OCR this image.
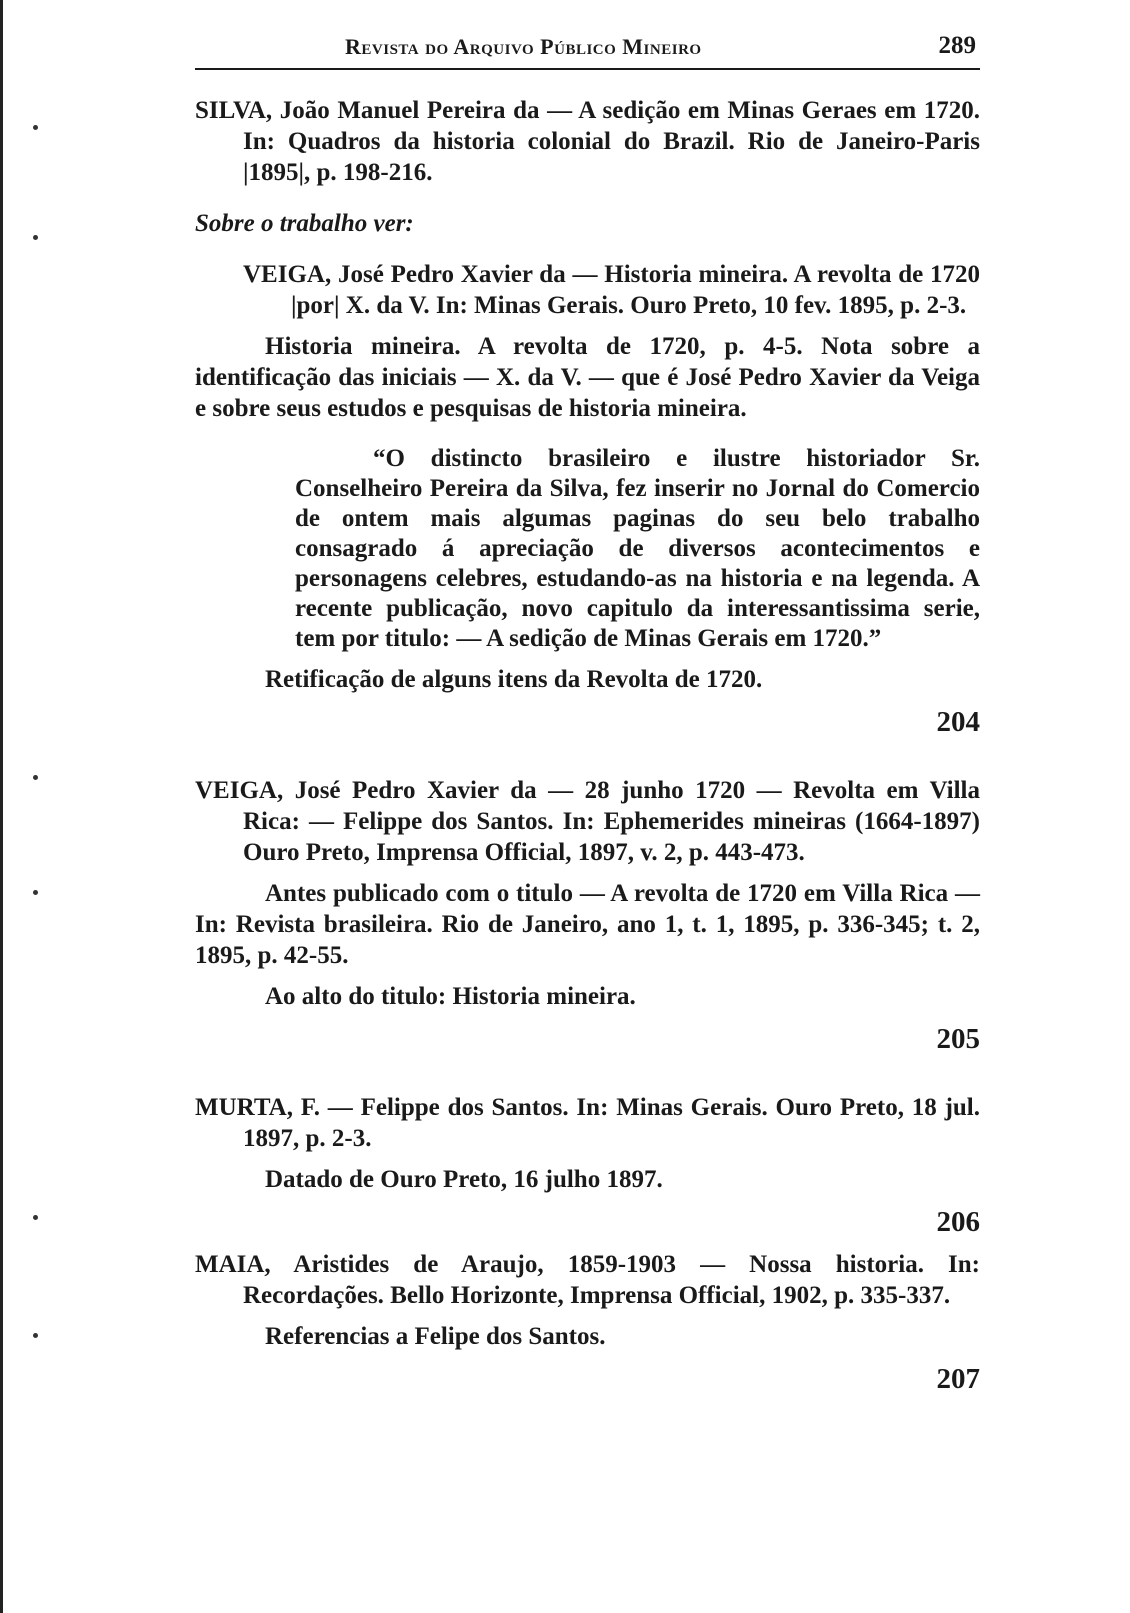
Revista do Arquivo Público Mineiro	289

SILVA, João Manuel Pereira da — A sedição em Minas Geraes em 1720. In: Quadros da historia colonial do Brazil. Rio de Janeiro-Paris |1895|, p. 198-216.

Sobre o trabalho ver:

VEIGA, José Pedro Xavier da — Historia mineira. A revolta de 1720 |por| X. da V. In: Minas Gerais. Ouro Preto, 10 fev. 1895, p. 2-3.

Historia mineira. A revolta de 1720, p. 4-5. Nota sobre a identificação das iniciais — X. da V. — que é José Pedro Xavier da Veiga e sobre seus estudos e pesquisas de historia mineira.

“O distincto brasileiro e ilustre historiador Sr. Conselheiro Pereira da Silva, fez inserir no Jornal do Comercio de ontem mais algumas paginas do seu belo trabalho consagrado á apreciação de diversos acontecimentos e personagens celebres, estudando-as na historia e na legenda. A recente publicação, novo capitulo da interessantissima serie, tem por titulo: — A sedição de Minas Gerais em 1720.”

Retificação de alguns itens da Revolta de 1720.

204

VEIGA, José Pedro Xavier da — 28 junho 1720 — Revolta em Villa Rica: — Felippe dos Santos. In: Ephemerides mineiras (1664-1897) Ouro Preto, Imprensa Official, 1897, v. 2, p. 443-473.

Antes publicado com o titulo — A revolta de 1720 em Villa Rica — In: Revista brasileira. Rio de Janeiro, ano 1, t. 1, 1895, p. 336-345; t. 2, 1895, p. 42-55.

Ao alto do titulo: Historia mineira.

205

MURTA, F. — Felippe dos Santos. In: Minas Gerais. Ouro Preto, 18 jul. 1897, p. 2-3.

Datado de Ouro Preto, 16 julho 1897.

206

MAIA, Aristides de Araujo, 1859-1903 — Nossa historia. In: Recordações. Bello Horizonte, Imprensa Official, 1902, p. 335-337.

Referencias a Felipe dos Santos.

207
